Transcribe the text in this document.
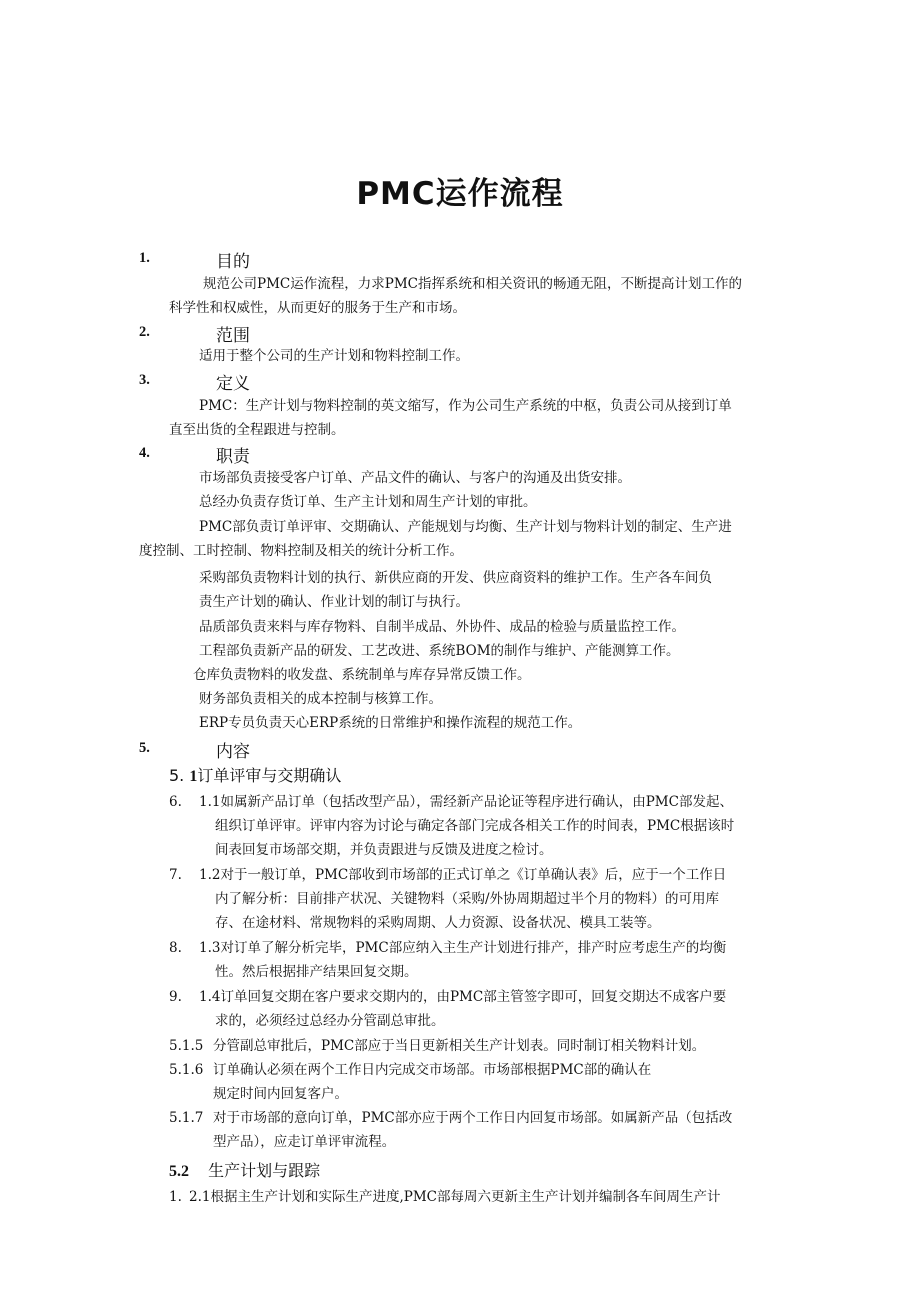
PMC运作流程
1.	目的
规范公司PMC运作流程，力求PMC指挥系统和相关资讯的畅通无阻，不断提高计划工作的
科学性和权威性，从而更好的服务于生产和市场。
2.	范围
适用于整个公司的生产计划和物料控制工作。
3.	定义
PMC：生产计划与物料控制的英文缩写，作为公司生产系统的中枢，负责公司从接到订单
直至出货的全程跟进与控制。
4.	职责
市场部负责接受客户订单、产品文件的确认、与客户的沟通及出货安排。
总经办负责存货订单、生产主计划和周生产计划的审批。
PMC部负责订单评审、交期确认、产能规划与均衡、生产计划与物料计划的制定、生产进
度控制、工时控制、物料控制及相关的统计分析工作。
采购部负责物料计划的执行、新供应商的开发、供应商资料的维护工作。生产各车间负
责生产计划的确认、作业计划的制订与执行。
品质部负责来料与库存物料、自制半成品、外协件、成品的检验与质量监控工作。
工程部负责新产品的研发、工艺改进、系统BOM的制作与维护、产能测算工作。
仓库负责物料的收发盘、系统制单与库存异常反馈工作。
财务部负责相关的成本控制与核算工作。
ERP专员负责天心ERP系统的日常维护和操作流程的规范工作。
5.	内容
5. 1订单评审与交期确认
6. 1.1如属新产品订单（包括改型产品），需经新产品论证等程序进行确认，由PMC部发起、
组织订单评审。评审内容为讨论与确定各部门完成各相关工作的时间表，PMC根据该时
间表回复市场部交期，并负责跟进与反馈及进度之检讨。
7. 1.2对于一般订单，PMC部收到市场部的正式订单之《订单确认表》后，应于一个工作日
内了解分析：目前排产状况、关键物料（采购/外协周期超过半个月的物料）的可用库
存、在途材料、常规物料的采购周期、人力资源、设备状况、模具工装等。
8. 1.3对订单了解分析完毕，PMC部应纳入主生产计划进行排产，排产时应考虑生产的均衡
性。然后根据排产结果回复交期。
9. 1.4订单回复交期在客户要求交期内的，由PMC部主管签字即可，回复交期达不成客户要
求的，必须经过总经办分管副总审批。
5.1.5 分管副总审批后，PMC部应于当日更新相关生产计划表。同时制订相关物料计划。
5.1.6 订单确认必须在两个工作日内完成交市场部。市场部根据PMC部的确认在
规定时间内回复客户。
5.1.7 对于市场部的意向订单，PMC部亦应于两个工作日内回复市场部。如属新产品（包括改
型产品），应走订单评审流程。
5.2 生产计划与跟踪
1. 2.1根据主生产计划和实际生产进度,PMC部每周六更新主生产计划并编制各车间周生产计
